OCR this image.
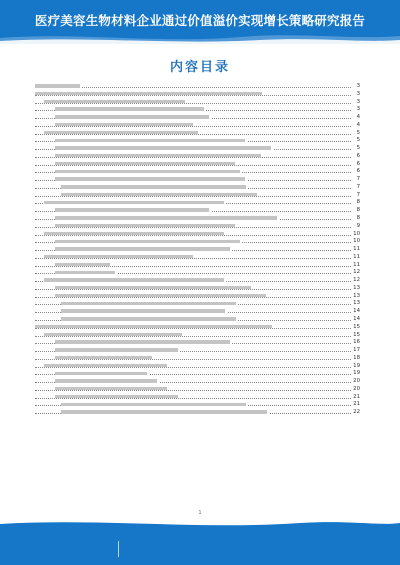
医疗美容生物材料企业通过价值溢价实现增长策略研究报告
内容目录
3
3
3
3
4
4
5
5
5
6
6
6
7
7
7
8
8
8
9
10
10
11
11
11
12
12
13
13
13
14
14
15
15
16
17
18
19
19
20
20
21
21
22
1
